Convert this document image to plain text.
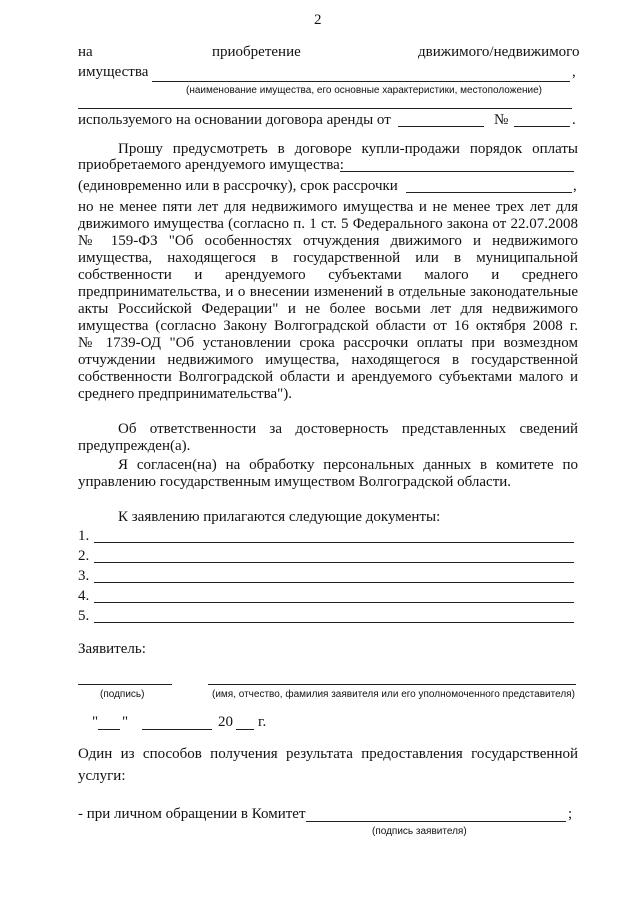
2
на	приобретение	движимого/недвижимого
имущества	,
(наименование имущества, его основные характеристики, местоположение)
используемого на основании договора аренды от	№	.
Прошу предусмотреть в договоре купли-продажи порядок оплаты
приобретаемого арендуемого имущества:
(единовременно или в рассрочку), срок рассрочки	,
но не менее пяти лет для недвижимого имущества и не менее трех лет для
движимого имущества (согласно п. 1 ст. 5 Федерального закона от 22.07.2008
№ 159-ФЗ "Об особенностях отчуждения движимого и недвижимого
имущества, находящегося в государственной или в муниципальной
собственности и арендуемого субъектами малого и среднего
предпринимательства, и о внесении изменений в отдельные законодательные
акты Российской Федерации" и не более восьми лет для недвижимого
имущества (согласно Закону Волгоградской области от 16 октября 2008 г.
№ 1739-ОД "Об установлении срока рассрочки оплаты при возмездном
отчуждении недвижимого имущества, находящегося в государственной
собственности Волгоградской области и арендуемого субъектами малого и
среднего предпринимательства").
Об ответственности за достоверность представленных сведений
предупрежден(а).
Я согласен(на) на обработку персональных данных в комитете по
управлению государственным имуществом Волгоградской области.
К заявлению прилагаются следующие документы:
1.
2.
3.
4.
5.
Заявитель:
(подпись)	(имя, отчество, фамилия заявителя или его уполномоченного представителя)
" "	20 г.
Один из способов получения результата предоставления государственной
услуги:
- при личном обращении в Комитет	;
(подпись заявителя)
